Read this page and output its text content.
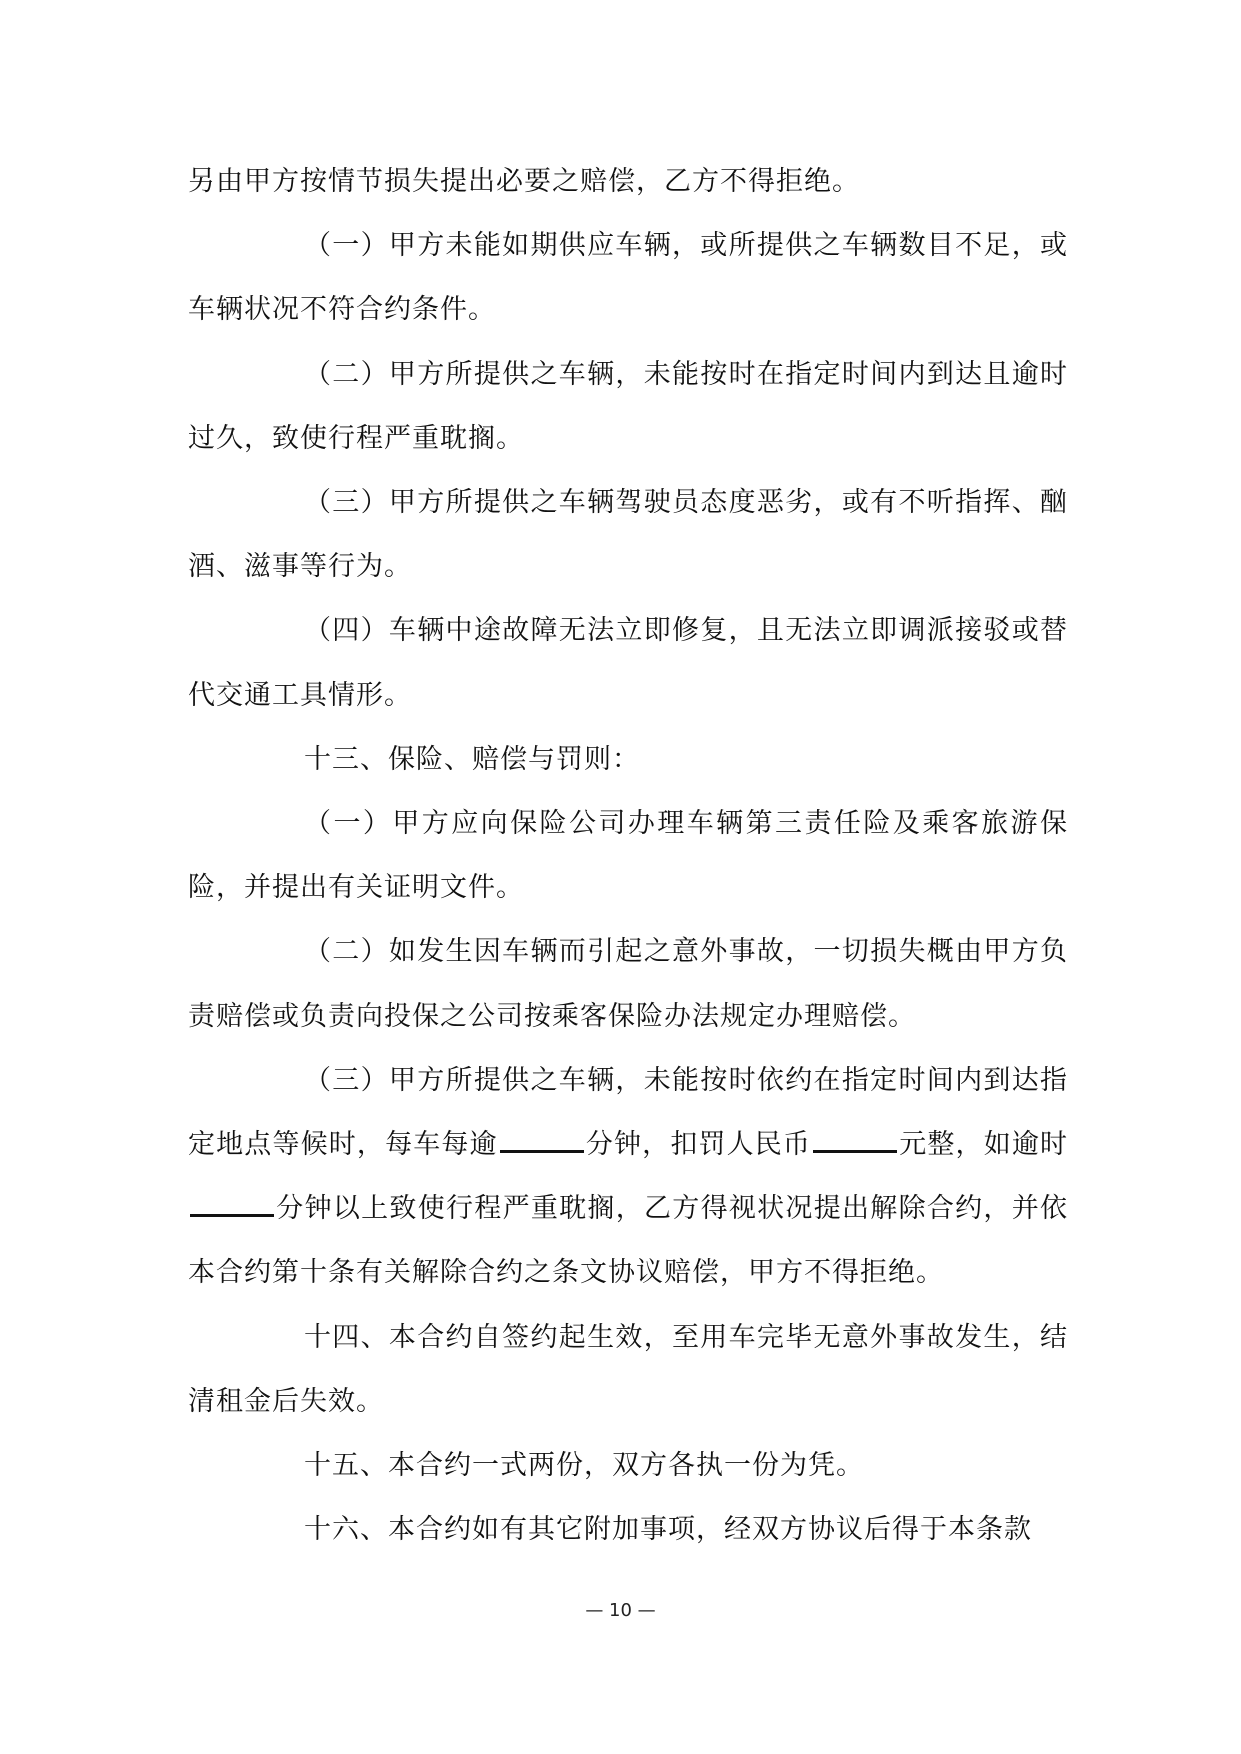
另由甲方按情节损失提出必要之赔偿，乙方不得拒绝。

（一）甲方未能如期供应车辆，或所提供之车辆数目不足，或车辆状况不符合约条件。

（二）甲方所提供之车辆，未能按时在指定时间内到达且逾时过久，致使行程严重耽搁。

（三）甲方所提供之车辆驾驶员态度恶劣，或有不听指挥、酗酒、滋事等行为。

（四）车辆中途故障无法立即修复，且无法立即调派接驳或替代交通工具情形。

十三、保险、赔偿与罚则：

（一）甲方应向保险公司办理车辆第三责任险及乘客旅游保险，并提出有关证明文件。

（二）如发生因车辆而引起之意外事故，一切损失概由甲方负责赔偿或负责向投保之公司按乘客保险办法规定办理赔偿。

（三）甲方所提供之车辆，未能按时依约在指定时间内到达指定地点等候时，每车每逾	分钟，扣罚人民币	元整，如逾时分钟以上致使行程严重耽搁，乙方得视状况提出解除合约，并依本合约第十条有关解除合约之条文协议赔偿，甲方不得拒绝。

十四、本合约自签约起生效，至用车完毕无意外事故发生，结清租金后失效。

十五、本合约一式两份，双方各执一份为凭。

十六、本合约如有其它附加事项，经双方协议后得于本条款

— 10 —
